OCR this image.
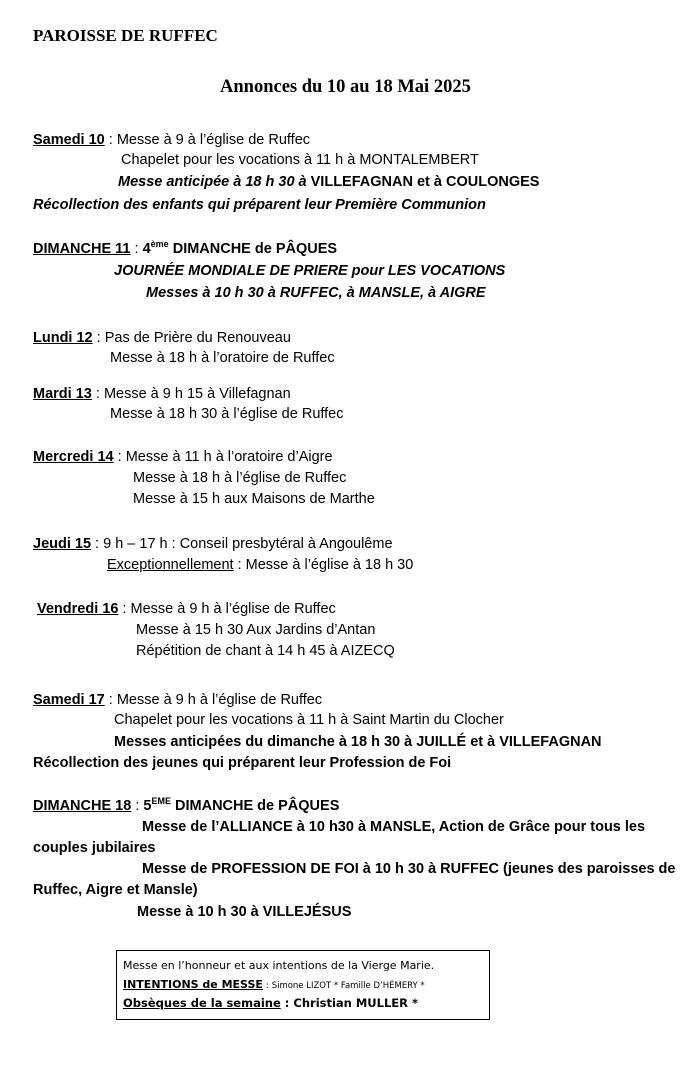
PAROISSE DE RUFFEC
Annonces du 10 au 18 Mai 2025
Samedi 10 : Messe à 9 à l’église de Ruffec
Chapelet pour les vocations à 11 h à MONTALEMBERT
Messe anticipée à 18 h 30 à VILLEFAGNAN et à COULONGES
Récollection des enfants qui préparent leur Première Communion
DIMANCHE 11 : 4ème DIMANCHE de PÂQUES
JOURNÉE MONDIALE DE PRIERE pour LES VOCATIONS
Messes à 10 h 30 à RUFFEC, à MANSLE, à AIGRE
Lundi 12 : Pas de Prière du Renouveau
Messe à 18 h à l’oratoire de Ruffec
Mardi 13 : Messe à 9 h 15 à Villefagnan
Messe à 18 h 30 à l’église de Ruffec
Mercredi 14 : Messe à 11 h à l’oratoire d’Aigre
Messe à 18 h à l’église de Ruffec
Messe à 15 h aux Maisons de Marthe
Jeudi 15 : 9 h – 17 h : Conseil presbytéral à Angoulême
Exceptionnellement : Messe à l’église à 18 h 30
Vendredi 16 : Messe à 9 h à l’église de Ruffec
Messe à 15 h 30 Aux Jardins d’Antan
Répétition de chant à 14 h 45 à AIZECQ
Samedi 17 : Messe à 9 h à l’église de Ruffec
Chapelet pour les vocations à 11 h à Saint Martin du Clocher
Messes anticipées du dimanche à 18 h 30 à JUILLÉ et à VILLEFAGNAN
Récollection des jeunes qui préparent leur Profession de Foi
DIMANCHE 18 : 5EME DIMANCHE de PÂQUES
Messe de l’ALLIANCE à 10 h30 à MANSLE, Action de Grâce pour tous les
couples jubilaires
Messe de PROFESSION DE FOI à 10 h 30 à RUFFEC (jeunes des paroisses de
Ruffec, Aigre et Mansle)
Messe à 10 h 30 à VILLEJÉSUS
Messe en l’honneur et aux intentions de la Vierge Marie.
INTENTIONS de MESSE : Simone LIZOT * Famille D’HÉMERY *
Obsèques de la semaine : Christian MULLER *
